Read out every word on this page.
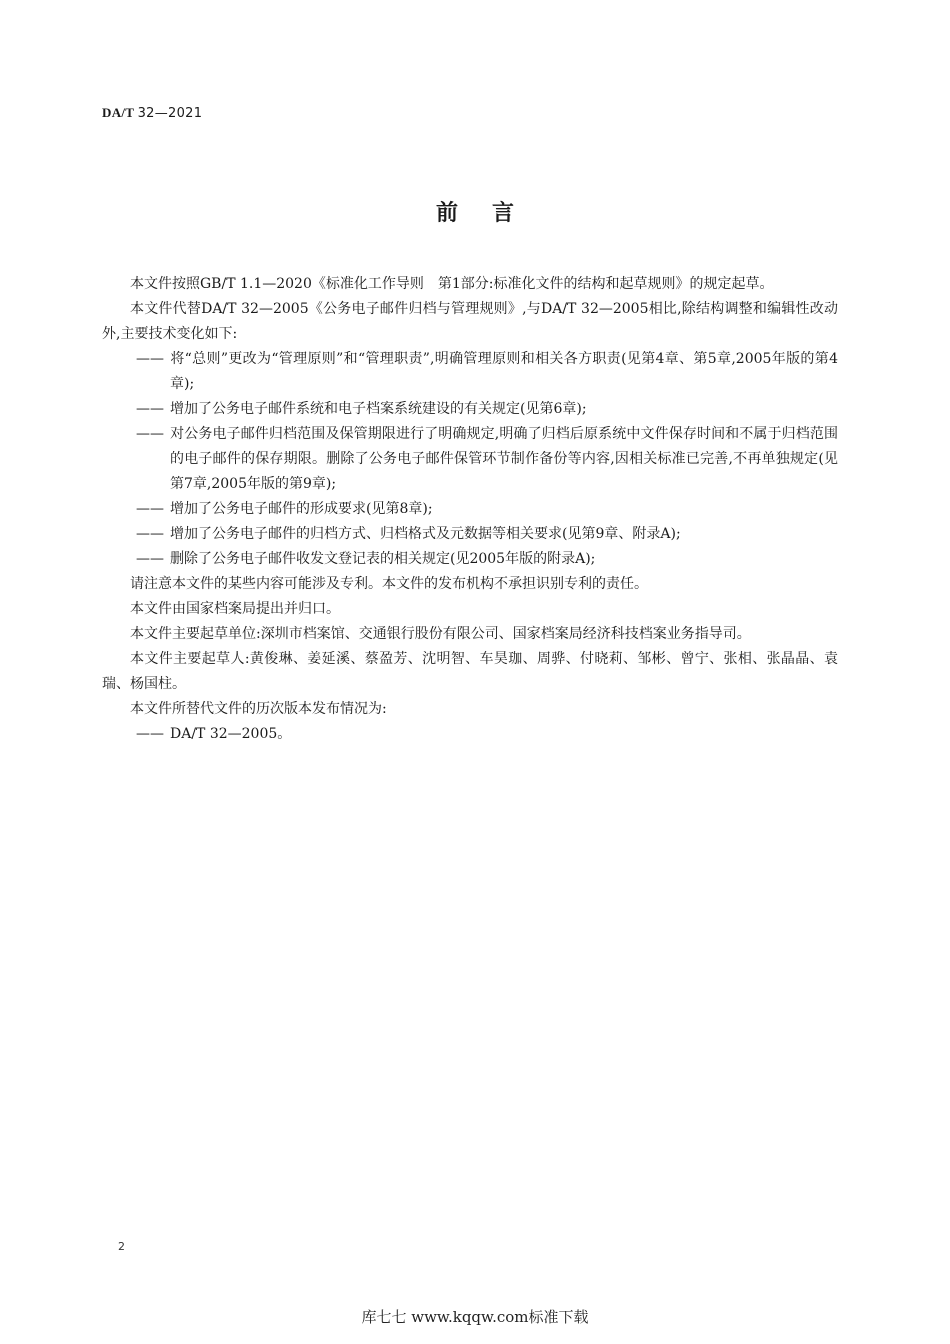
DA/T 32—2021
前言

本文件按照GB/T 1.1—2020《标准化工作导则　第1部分:标准化文件的结构和起草规则》的规定起草。

本文件代替DA/T 32—2005《公务电子邮件归档与管理规则》,与DA/T 32—2005相比,除结构调整和编辑性改动外,主要技术变化如下:

—— 将“总则”更改为“管理原则”和“管理职责”,明确管理原则和相关各方职责(见第4章、第5章,2005年版的第4章);

—— 增加了公务电子邮件系统和电子档案系统建设的有关规定(见第6章);

—— 对公务电子邮件归档范围及保管期限进行了明确规定,明确了归档后原系统中文件保存时间和不属于归档范围的电子邮件的保存期限。删除了公务电子邮件保管环节制作备份等内容,因相关标准已完善,不再单独规定(见第7章,2005年版的第9章);

—— 增加了公务电子邮件的形成要求(见第8章);

—— 增加了公务电子邮件的归档方式、归档格式及元数据等相关要求(见第9章、附录A);

—— 删除了公务电子邮件收发文登记表的相关规定(见2005年版的附录A);

请注意本文件的某些内容可能涉及专利。本文件的发布机构不承担识别专利的责任。

本文件由国家档案局提出并归口。

本文件主要起草单位:深圳市档案馆、交通银行股份有限公司、国家档案局经济科技档案业务指导司。

本文件主要起草人:黄俊琳、姜延溪、蔡盈芳、沈明智、车昊珈、周骅、付晓莉、邹彬、曾宁、张相、张晶晶、袁瑞、杨国柱。

本文件所替代文件的历次版本发布情况为:

—— DA/T 32—2005。

2
库七七 www.kqqw.com标准下载
